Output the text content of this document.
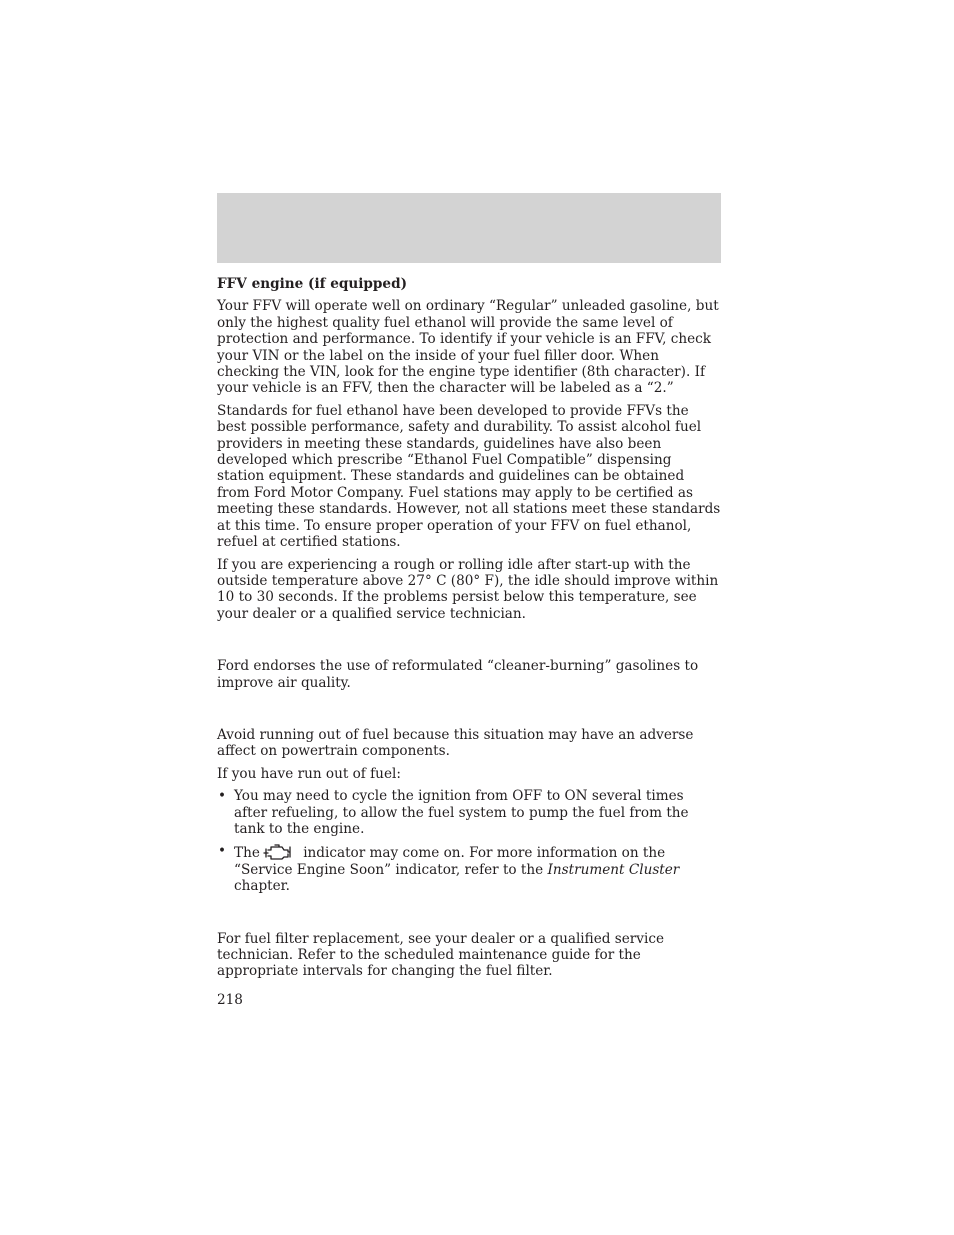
FFV engine (if equipped)

Your FFV will operate well on ordinary “Regular” unleaded gasoline, but only the highest quality fuel ethanol will provide the same level of protection and performance. To identify if your vehicle is an FFV, check your VIN or the label on the inside of your fuel filler door. When checking the VIN, look for the engine type identifier (8th character). If your vehicle is an FFV, then the character will be labeled as a “2.”

Standards for fuel ethanol have been developed to provide FFVs the best possible performance, safety and durability. To assist alcohol fuel providers in meeting these standards, guidelines have also been developed which prescribe “Ethanol Fuel Compatible” dispensing station equipment. These standards and guidelines can be obtained from Ford Motor Company. Fuel stations may apply to be certified as meeting these standards. However, not all stations meet these standards at this time. To ensure proper operation of your FFV on fuel ethanol, refuel at certified stations.

If you are experiencing a rough or rolling idle after start-up with the outside temperature above 27° C (80° F), the idle should improve within 10 to 30 seconds. If the problems persist below this temperature, see your dealer or a qualified service technician.

Ford endorses the use of reformulated “cleaner-burning” gasolines to improve air quality.

Avoid running out of fuel because this situation may have an adverse affect on powertrain components.

If you have run out of fuel:

• You may need to cycle the ignition from OFF to ON several times after refueling, to allow the fuel system to pump the fuel from the tank to the engine.
• The	indicator may come on. For more information on the “Service Engine Soon” indicator, refer to the Instrument Cluster chapter.

For fuel filter replacement, see your dealer or a qualified service technician. Refer to the scheduled maintenance guide for the appropriate intervals for changing the fuel filter.

218
